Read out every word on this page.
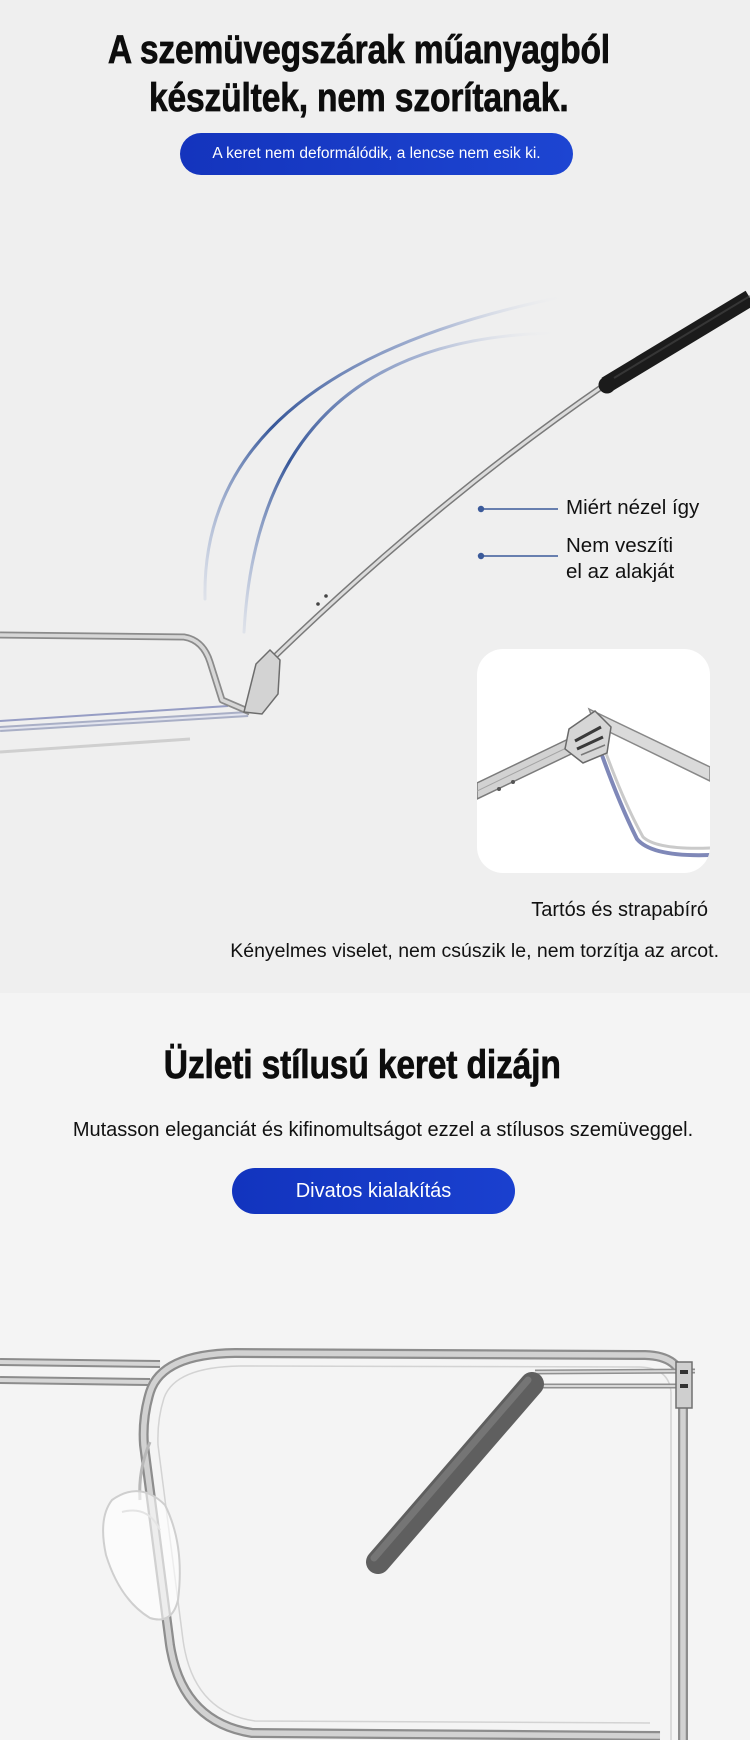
A szemüvegszárak műanyagból
készültek, nem szorítanak.
A keret nem deformálódik, a lencse nem esik ki.
Miért nézel így
Nem veszíti
el az alakját
Tartós és strapabíró
Kényelmes viselet, nem csúszik le, nem torzítja az arcot.
Üzleti stílusú keret dizájn
Mutasson eleganciát és kifinomultságot ezzel a stílusos szemüveggel.
Divatos kialakítás
